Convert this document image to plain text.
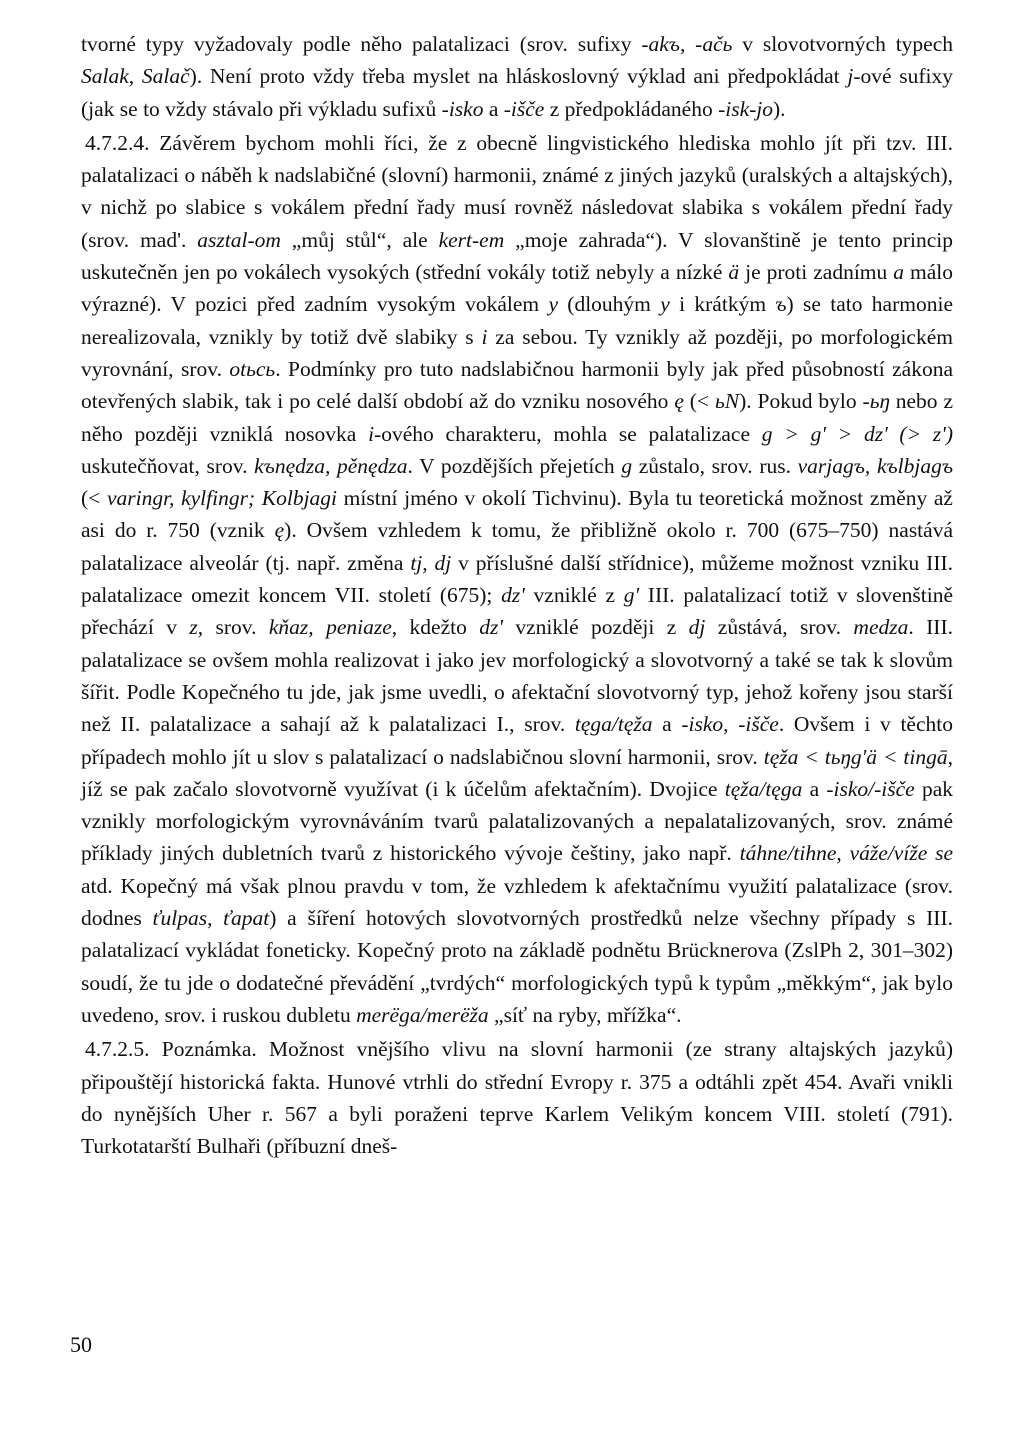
tvorné typy vyžadovaly podle něho palatalizaci (srov. sufixy -akъ, -ačь v slovotvorných typech Salak, Salač). Není proto vždy třeba myslet na hláskoslovný výklad ani předpokládat j-ové sufixy (jak se to vždy stávalo při výkladu sufixů -isko a -išče z předpokládaného -isk-jo).

4.7.2.4. Závěrem bychom mohli říci, že z obecně lingvistického hlediska mohlo jít při tzv. III. palatalizaci o náběh k nadslabičné (slovní) harmonii, známé z jiných jazyků (uralských a altajských), v nichž po slabice s vokálem přední řady musí rovněž následovat slabika s vokálem přední řady (srov. mad'. asztal-om „můj stůl“, ale kert-em „moje zahrada“). V slovanštině je tento princip uskutečněn jen po vokálech vysokých (střední vokály totiž nebyly a nízké ä je proti zadnímu a málo výrazné). V pozici před zadním vysokým vokálem y (dlouhým y i krátkým ъ) se tato harmonie nerealizovala, vznikly by totiž dvě slabiky s i za sebou. Ty vznikly až později, po morfologickém vyrovnání, srov. otьcь. Podmínky pro tuto nadslabičnou harmonii byly jak před působností zákona otevřených slabik, tak i po celé další období až do vzniku nosového ę (< ьN). Pokud bylo -ьŋ nebo z něho později vzniklá nosovka i-ového charakteru, mohla se palatalizace g > g' > dz' (> z') uskutečňovat, srov. kъnędza, pěnędza. V pozdějších přejetích g zůstalo, srov. rus. varjagъ, kъlbjagъ (< varingr, kylfingr; Kolbjagi místní jméno v okolí Tichvinu). Byla tu teoretická možnost změny až asi do r. 750 (vznik ę). Ovšem vzhledem k tomu, že přibližně okolo r. 700 (675–750) nastává palatalizace alveolár (tj. např. změna tj, dj v příslušné další střídnice), můžeme možnost vzniku III. palatalizace omezit koncem VII. století (675); dz' vzniklé z g' III. palatalizací totiž v slovenštině přechází v z, srov. kňaz, peniaze, kdežto dz' vzniklé později z dj zůstává, srov. medza. III. palatalizace se ovšem mohla realizovat i jako jev morfologický a slovotvorný a také se tak k slovům šířit. Podle Kopečného tu jde, jak jsme uvedli, o afektační slovotvorný typ, jehož kořeny jsou starší než II. palatalizace a sahají až k palatalizaci I., srov. tęga/tęža a -isko, -išče. Ovšem i v těchto případech mohlo jít u slov s palatalizací o nadslabičnou slovní harmonii, srov. tęža < tьŋg'ä < tingā, jíž se pak začalo slovotvorně využívat (i k účelům afektačním). Dvojice tęža/tęga a -isko/-išče pak vznikly morfologickým vyrovnáváním tvarů palatalizovaných a nepalatalizovaných, srov. známé příklady jiných dubletních tvarů z historického vývoje češtiny, jako např. táhne/tihne, váže/víže se atd. Kopečný má však plnou pravdu v tom, že vzhledem k afektačnímu využití palatalizace (srov. dodnes ťulpas, ťapat) a šíření hotových slovotvorných prostředků nelze všechny případy s III. palatalizací vykládat foneticky. Kopečný proto na základě podnětu Brücknerova (ZslPh 2, 301–302) soudí, že tu jde o dodatečné převádění „tvrdých“ morfologických typů k typům „měkkým“, jak bylo uvedeno, srov. i ruskou dubletu merëga/merëža „síť na ryby, mřížka“.

4.7.2.5. Poznámka. Možnost vnějšího vlivu na slovní harmonii (ze strany altajských jazyků) připouštějí historická fakta. Hunové vtrhli do střední Evropy r. 375 a odtáhli zpět 454. Avaři vnikli do nynějších Uher r. 567 a byli poraženi teprve Karlem Velikým koncem VIII. století (791). Turkotatarští Bulhaři (příbuzní dneš-

50
